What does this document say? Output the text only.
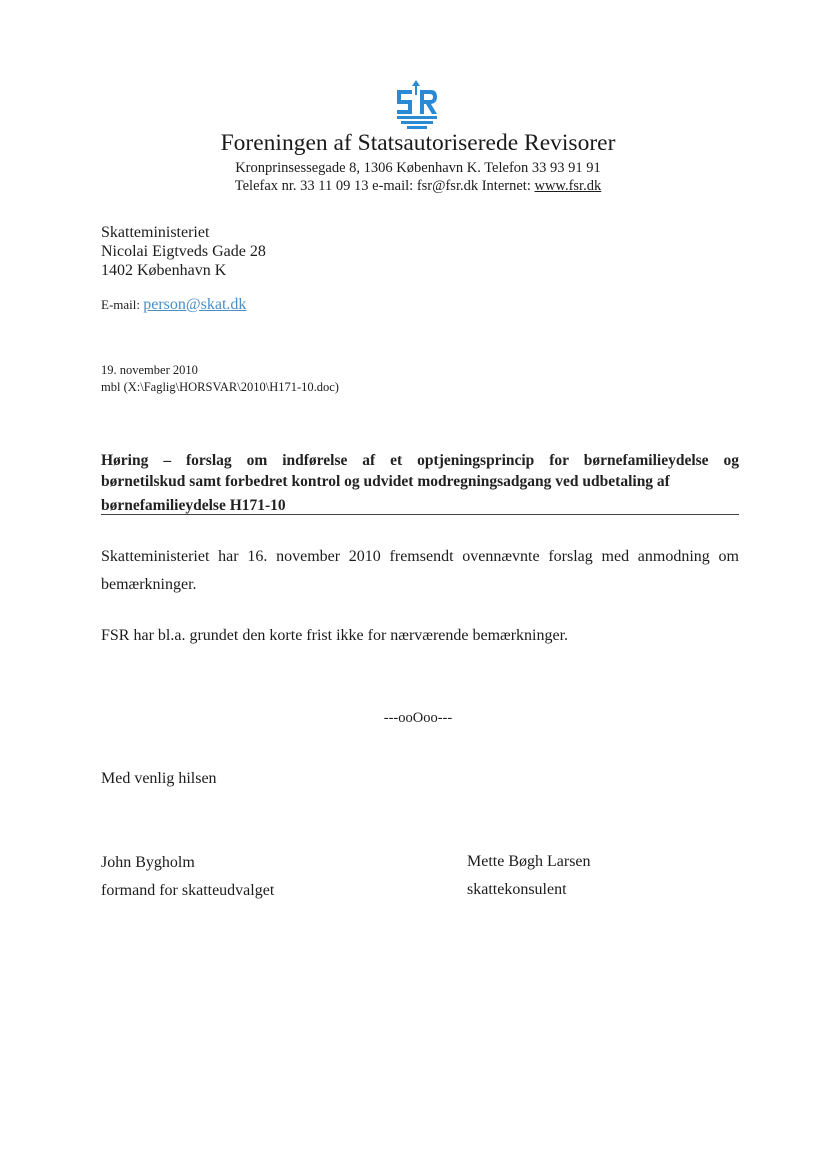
Foreningen af Statsautoriserede Revisorer
Kronprinsessegade 8, 1306 København K. Telefon 33 93 91 91
Telefax nr. 33 11 09 13 e-mail: fsr@fsr.dk Internet: www.fsr.dk
Skatteministeriet
Nicolai Eigtveds Gade 28
1402 København K
E-mail: person@skat.dk
19. november 2010
mbl (X:\Faglig\HORSVAR\2010\H171-10.doc)
Høring – forslag om indførelse af et optjeningsprincip for børnefamilieydelse og
børnetilskud samt forbedret kontrol og udvidet modregningsadgang ved udbetaling af
børnefamilieydelse H171-10
Skatteministeriet har 16. november 2010 fremsendt ovennævnte forslag med anmodning om
bemærkninger.
FSR har bl.a. grundet den korte frist ikke for nærværende bemærkninger.
---ooOoo---
Med venlig hilsen
John Bygholm
formand for skatteudvalget
Mette Bøgh Larsen
skattekonsulent
